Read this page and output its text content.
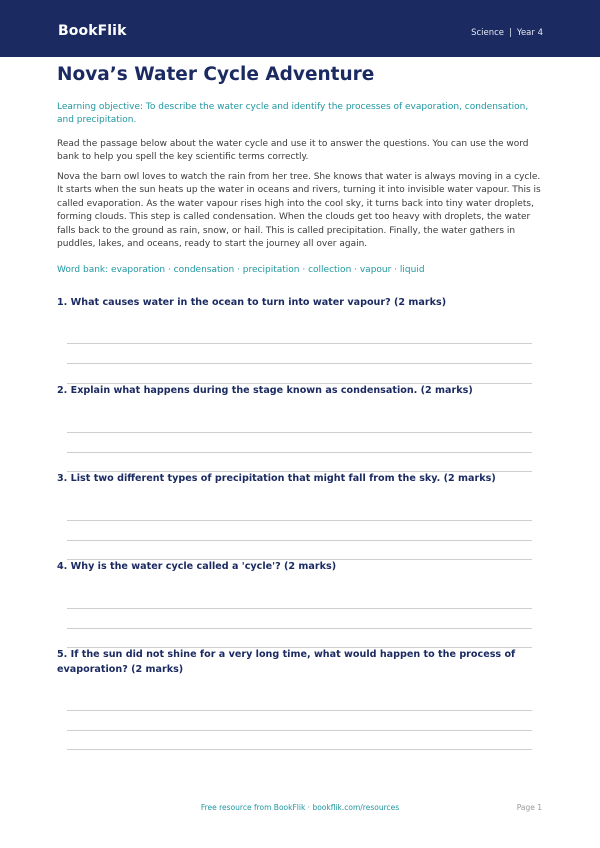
BookFlik	Science | Year 4
Nova’s Water Cycle Adventure

Learning objective: To describe the water cycle and identify the processes of evaporation, condensation, and precipitation.

Read the passage below about the water cycle and use it to answer the questions. You can use the word bank to help you spell the key scientific terms correctly.

Nova the barn owl loves to watch the rain from her tree. She knows that water is always moving in a cycle. It starts when the sun heats up the water in oceans and rivers, turning it into invisible water vapour. This is called evaporation. As the water vapour rises high into the cool sky, it turns back into tiny water droplets, forming clouds. This step is called condensation. When the clouds get too heavy with droplets, the water falls back to the ground as rain, snow, or hail. This is called precipitation. Finally, the water gathers in puddles, lakes, and oceans, ready to start the journey all over again.

Word bank: evaporation · condensation · precipitation · collection · vapour · liquid

1. What causes water in the ocean to turn into water vapour? (2 marks)

2. Explain what happens during the stage known as condensation. (2 marks)

3. List two different types of precipitation that might fall from the sky. (2 marks)

4. Why is the water cycle called a 'cycle'? (2 marks)

5. If the sun did not shine for a very long time, what would happen to the process of evaporation? (2 marks)

Free resource from BookFlik · bookflik.com/resources	Page 1
